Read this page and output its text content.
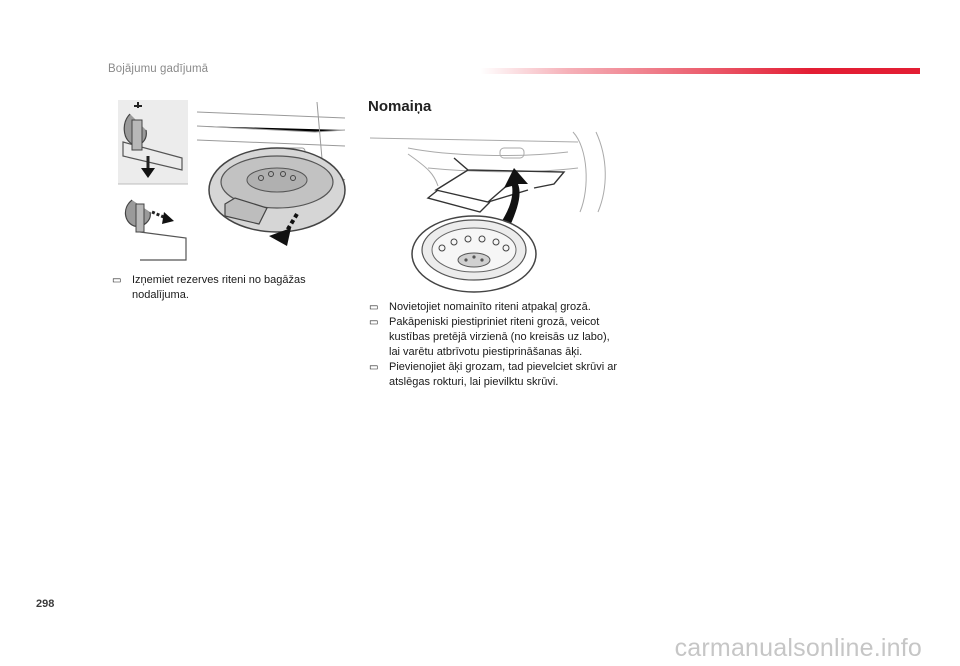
Bojājumu gadījumā
▭ Izņemiet rezerves riteni no bagāžas nodalījuma.
Nomaiņa
▭ Novietojiet nomainīto riteni atpakaļ grozā.
▭ Pakāpeniski piestipriniet riteni grozā, veicot kustības pretējā virzienā (no kreisās uz labo), lai varētu atbrīvotu piestiprināšanas āķi.
▭ Pievienojiet āķi grozam, tad pievelciet skrūvi ar atslēgas rokturi, lai pievilktu skrūvi.
298
carmanualsonline.info
